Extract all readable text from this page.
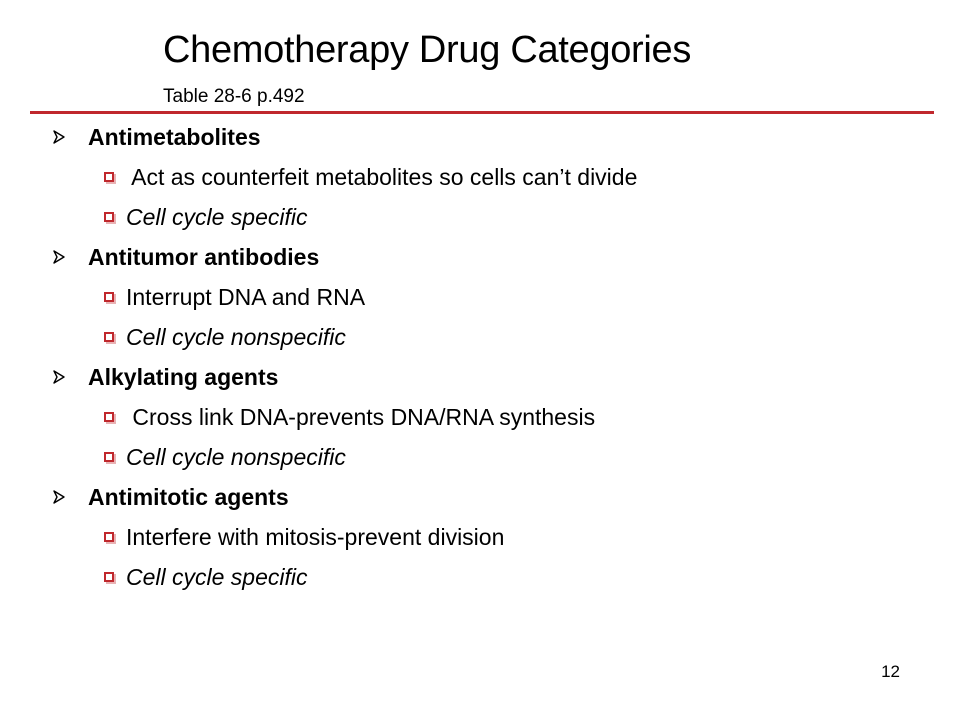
Chemotherapy Drug Categories
Table 28-6 p.492
Antimetabolites
Act as counterfeit metabolites so cells can’t divide
Cell cycle specific
Antitumor antibodies
Interrupt DNA and RNA
Cell cycle nonspecific
Alkylating agents
Cross link DNA-prevents DNA/RNA synthesis
Cell cycle nonspecific
Antimitotic agents
Interfere with mitosis-prevent division
Cell cycle specific
12
